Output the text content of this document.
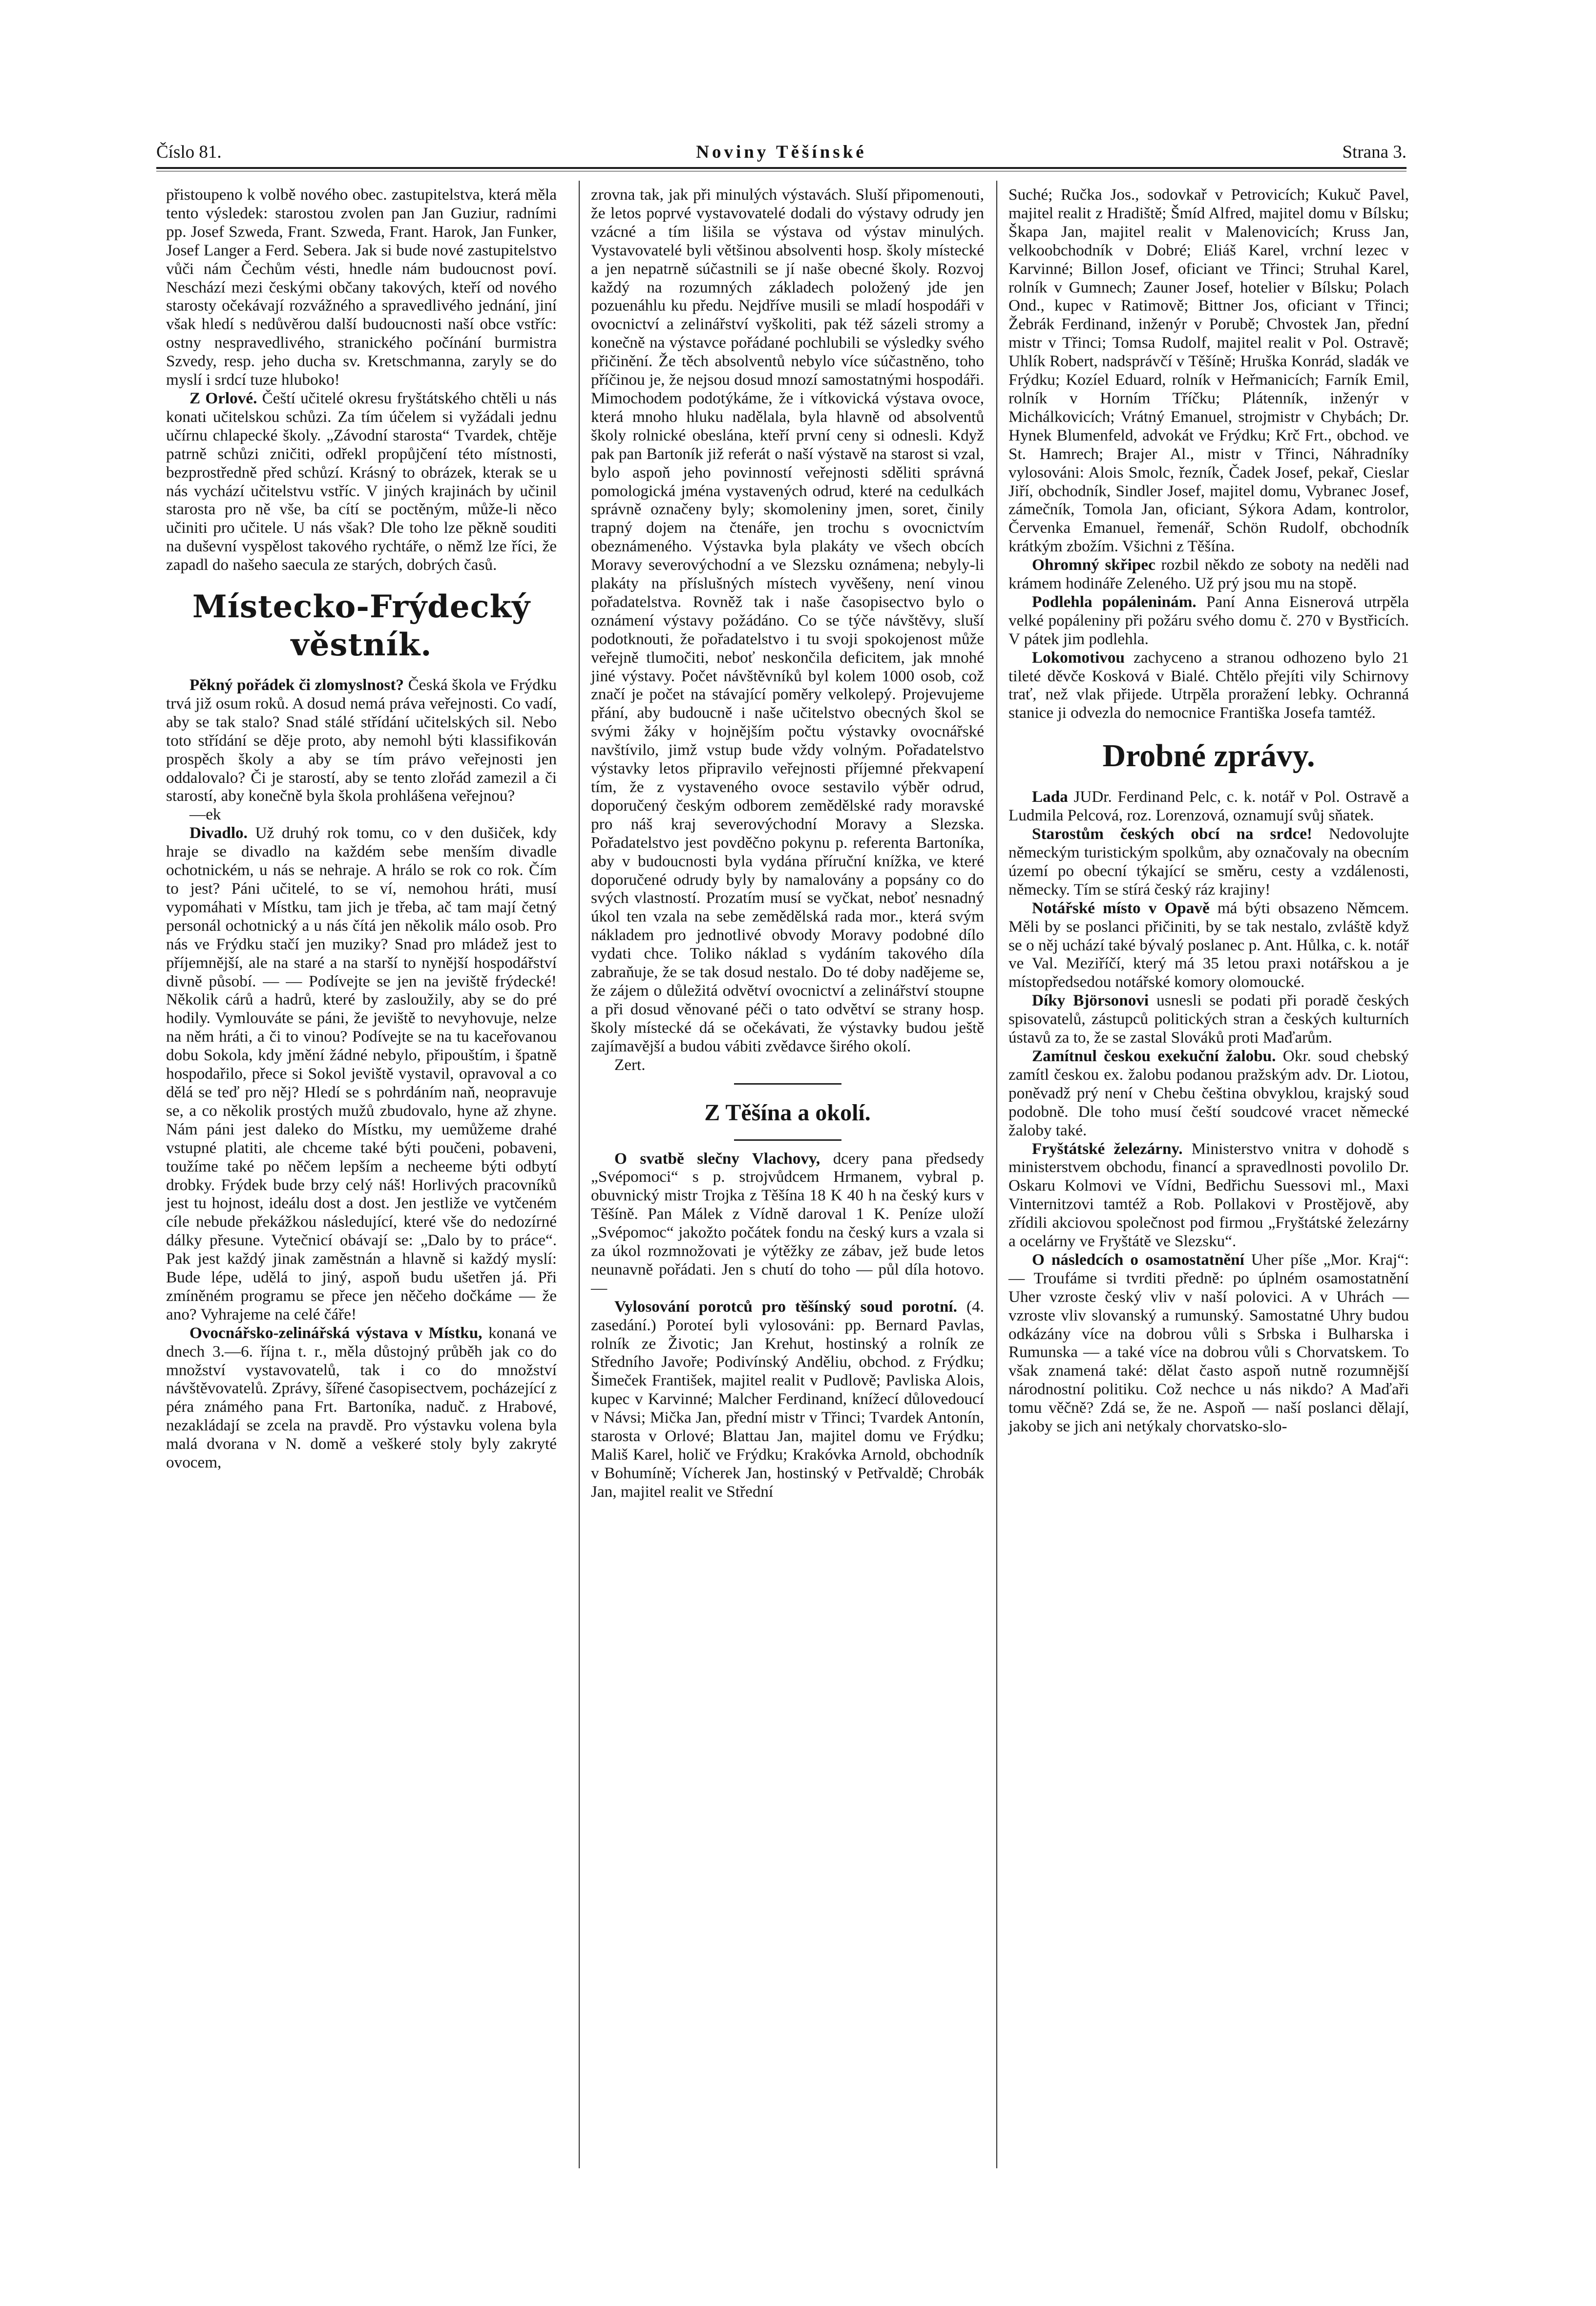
Číslo 81.	Noviny Těšínské	Strana 3.

přistoupeno k volbě nového obec. zastupitelstva, která měla tento výsledek: starostou zvolen pan Jan Guziur, radními pp. Josef Szweda, Frant. Szweda, Frant. Harok, Jan Funker, Josef Langer a Ferd. Sebera. Jak si bude nové zastupitelstvo vůči nám Čechům vésti, hnedle nám budoucnost poví. Neschází mezi českými občany takových, kteří od nového starosty očekávají rozvážného a spravedlivého jednání, jiní však hledí s nedůvěrou další budoucnosti naší obce vstříc: ostny nespravedlivého, stranického počínání burmistra Szvedy, resp. jeho ducha sv. Kretschmanna, zaryly se do myslí i srdcí tuze hluboko!

Z Orlové. Čeští učitelé okresu fryštátského chtěli u nás konati učitelskou schůzi. Za tím účelem si vyžádali jednu učírnu chlapecké školy. „Závodní starosta“ Tvardek, chtěje patrně schůzi zničiti, odřekl propůjčení této místnosti, bezprostředně před schůzí. Krásný to obrázek, kterak se u nás vychází učitelstvu vstříc. V jiných krajinách by učinil starosta pro ně vše, ba cítí se poctěným, může-li něco učiniti pro učitele. U nás však? Dle toho lze pěkně souditi na duševní vyspělost takového rychtáře, o němž lze říci, že zapadl do našeho saecula ze starých, dobrých časů.

Místecko-Frýdecký věstník.

Pěkný pořádek či zlomyslnost? Česká škola ve Frýdku trvá již osum roků. A dosud nemá práva veřejnosti. Co vadí, aby se tak stalo? Snad stálé střídání učitelských sil. Nebo toto střídání se děje proto, aby nemohl býti klassifikován prospěch školy a aby se tím právo veřejnosti jen oddalovalo? Či je starostí, aby se tento zlořád zamezil a či starostí, aby konečně byla škola prohlášena veřejnou?

—ek

Divadlo. Už druhý rok tomu, co v den dušiček, kdy hraje se divadlo na každém sebe menším divadle ochotnickém, u nás se nehraje. A hrálo se rok co rok. Čím to jest? Páni učitelé, to se ví, nemohou hráti, musí vypomáhati v Místku, tam jich je třeba, ač tam mají četný personál ochotnický a u nás čítá jen několik málo osob. Pro nás ve Frýdku stačí jen muziky? Snad pro mládež jest to příjemnější, ale na staré a na starší to nynější hospodářství divně působí. — — Podívejte se jen na jeviště frýdecké! Několik cárů a hadrů, které by zasloužily, aby se do pré hodily. Vymlouváte se páni, že jeviště to nevyhovuje, nelze na něm hráti, a či to vinou? Podívejte se na tu kaceřovanou dobu Sokola, kdy jmění žádné nebylo, připouštím, i špatně hospodařilo, přece si Sokol jeviště vystavil, opravoval a co dělá se teď pro něj? Hledí se s pohrdáním naň, neopravuje se, a co několik prostých mužů zbudovalo, hyne až zhyne. Nám páni jest daleko do Místku, my uemůžeme drahé vstupné platiti, ale chceme také býti poučeni, pobaveni, toužíme také po něčem lepším a necheeme býti odbytí drobky. Frýdek bude brzy celý náš! Horlivých pracovníků jest tu hojnost, ideálu dost a dost. Jen jestliže ve vytčeném cíle nebude překážkou následující, které vše do nedozírné dálky přesune. Vytečnicí obávají se: „Dalo by to práce“. Pak jest každý jinak zaměstnán a hlavně si každý myslí: Bude lépe, udělá to jiný, aspoň budu ušetřen já. Při zmíněném programu se přece jen něčeho dočkáme — že ano? Vyhrajeme na celé čáře!

Ovocnářsko-zelinářská výstava v Místku, konaná ve dnech 3.—6. října t. r., měla důstojný průběh jak co do množství vystavovatelů, tak i co do množství návštěvovatelů. Zprávy, šířené časopisectvem, pocházející z péra známého pana Frt. Bartoníka, naduč. z Hrabové, nezakládají se zcela na pravdě. Pro výstavku volena byla malá dvorana v N. domě a veškeré stoly byly zakryté ovocem,

zrovna tak, jak při minulých výstavách. Sluší připomenouti, že letos poprvé vystavovatelé dodali do výstavy odrudy jen vzácné a tím lišila se výstava od výstav minulých. Vystavovatelé byli většinou absolventi hosp. školy místecké a jen nepatrně súčastnili se jí naše obecné školy. Rozvoj každý na rozumných základech položený jde jen pozuenáhlu ku předu. Nejdříve musili se mladí hospodáři v ovocnictví a zelinářství vyškoliti, pak též sázeli stromy a konečně na výstavce pořádané pochlubili se výsledky svého přičinění. Že těch absolventů nebylo více súčastněno, toho příčinou je, že nejsou dosud mnozí samostatnými hospodáři. Mimochodem podotýkáme, že i vítkovická výstava ovoce, která mnoho hluku nadělala, byla hlavně od absolventů školy rolnické obeslána, kteří první ceny si odnesli. Když pak pan Bartoník již referát o naší výstavě na starost si vzal, bylo aspoň jeho povinností veřejnosti sděliti správná pomologická jména vystavených odrud, které na cedulkách správně označeny byly; skomoleniny jmen, soret, činily trapný dojem na čtenáře, jen trochu s ovocnictvím obeznámeného. Výstavka byla plakáty ve všech obcích Moravy severovýchodní a ve Slezsku oznámena; nebyly-li plakáty na příslušných místech vyvěšeny, není vinou pořadatelstva. Rovněž tak i naše časopisectvo bylo o oznámení výstavy požádáno. Co se týče návštěvy, sluší podotknouti, že pořadatelstvo i tu svoji spokojenost může veřejně tlumočiti, neboť neskončila deficitem, jak mnohé jiné výstavy. Počet návštěvníků byl kolem 1000 osob, což značí je počet na stávající poměry velkolepý. Projevujeme přání, aby budoucně i naše učitelstvo obecných škol se svými žáky v hojnějším počtu výstavky ovocnářské navštívilo, jimž vstup bude vždy volným. Pořadatelstvo výstavky letos připravilo veřejnosti příjemné překvapení tím, že z vystaveného ovoce sestavilo výběr odrud, doporučený českým odborem zemědělské rady moravské pro náš kraj severovýchodní Moravy a Slezska. Pořadatelstvo jest povděčno pokynu p. referenta Bartoníka, aby v budoucnosti byla vydána příruční knížka, ve které doporučené odrudy byly by namalovány a popsány co do svých vlastností. Prozatím musí se vyčkat, neboť nesnadný úkol ten vzala na sebe zemědělská rada mor., která svým nákladem pro jednotlivé obvody Moravy podobné dílo vydati chce. Toliko náklad s vydáním takového díla zabraňuje, že se tak dosud nestalo. Do té doby nadějeme se, že zájem o důležitá odvětví ovocnictví a zelinářství stoupne a při dosud věnované péči o tato odvětví se strany hosp. školy místecké dá se očekávati, že výstavky budou ještě zajímavější a budou vábiti zvědavce širého okolí.

Zert.

Z Těšína a okolí.

O svatbě slečny Vlachovy, dcery pana předsedy „Svépomoci“ s p. strojvůdcem Hrmanem, vybral p. obuvnický mistr Trojka z Těšína 18 K 40 h na český kurs v Těšíně. Pan Málek z Vídně daroval 1 K. Peníze uloží „Svépomoc“ jakožto počátek fondu na český kurs a vzala si za úkol rozmnožovati je výtěžky ze zábav, jež bude letos neunavně pořádati. Jen s chutí do toho — půl díla hotovo. —

Vylosování porotců pro těšínský soud porotní. (4. zasedání.) Poroteí byli vylosováni: pp. Bernard Pavlas, rolník ze Životic; Jan Krehut, hostinský a rolník ze Středního Javoře; Podivínský Anděliu, obchod. z Frýdku; Šimeček František, majitel realit v Pudlově; Pavliska Alois, kupec v Karvinné; Malcher Ferdinand, knížecí důlovedoucí v Návsi; Mička Jan, přední mistr v Třinci; Tvardek Antonín, starosta v Orlové; Blattau Jan, majitel domu ve Frýdku; Mališ Karel, holič ve Frýdku; Krakóvka Arnold, obchodník v Bohumíně; Vícherek Jan, hostinský v Petřvaldě; Chrobák Jan, majitel realit ve Střední

Suché; Ručka Jos., sodovkař v Petrovicích; Kukuč Pavel, majitel realit z Hradiště; Šmíd Alfred, majitel domu v Bílsku; Škapa Jan, majitel realit v Malenovicích; Kruss Jan, velkoobchodník v Dobré; Eliáš Karel, vrchní lezec v Karvinné; Billon Josef, oficiant ve Třinci; Struhal Karel, rolník v Gumnech; Zauner Josef, hotelier v Bílsku; Polach Ond., kupec v Ratimově; Bittner Jos, oficiant v Třinci; Žebrák Ferdinand, inženýr v Porubě; Chvostek Jan, přední mistr v Třinci; Tomsa Rudolf, majitel realit v Pol. Ostravě; Uhlík Robert, nadsprávčí v Těšíně; Hruška Konrád, sladák ve Frýdku; Kozíel Eduard, rolník v Heřmanicích; Farník Emil, rolník v Horním Tříčku; Plátenník, inženýr v Michálkovicích; Vrátný Emanuel, strojmistr v Chybách; Dr. Hynek Blumenfeld, advokát ve Frýdku; Krč Frt., obchod. ve St. Hamrech; Brajer Al., mistr v Třinci, Náhradníky vylosováni: Alois Smolc, řezník, Čadek Josef, pekař, Cieslar Jiří, obchodník, Sindler Josef, majitel domu, Vybranec Josef, zámečník, Tomola Jan, oficiant, Sýkora Adam, kontrolor, Červenka Emanuel, řemenář, Schön Rudolf, obchodník krátkým zbožím. Všichni z Těšína.

Ohromný skřipec rozbil někdo ze soboty na neděli nad krámem hodináře Zeleného. Už prý jsou mu na stopě.

Podlehla popáleninám. Paní Anna Eisnerová utrpěla velké popáleniny při požáru svého domu č. 270 v Bystřicích. V pátek jim podlehla.

Lokomotivou zachyceno a stranou odhozeno bylo 21 tileté děvče Kosková v Bialé. Chtělo přejíti vily Schirnovy trať, než vlak přijede. Utrpěla proražení lebky. Ochranná stanice ji odvezla do nemocnice Františka Josefa tamtéž.

Drobné zprávy.

Lada JUDr. Ferdinand Pelc, c. k. notář v Pol. Ostravě a Ludmila Pelcová, roz. Lorenzová, oznamují svůj sňatek.

Starostům českých obcí na srdce! Nedovolujte německým turistickým spolkům, aby označovaly na obecním území po obecní týkající se směru, cesty a vzdálenosti, německy. Tím se stírá český ráz krajiny!

Notářské místo v Opavě má býti obsazeno Němcem. Měli by se poslanci přičiniti, by se tak nestalo, zvláště když se o něj uchází také bývalý poslanec p. Ant. Hůlka, c. k. notář ve Val. Meziříčí, který má 35 letou praxi notářskou a je místopředsedou notářské komory olomoucké.

Díky Björsonovi usnesli se podati při poradě českých spisovatelů, zástupců politických stran a českých kulturních ústavů za to, že se zastal Slováků proti Maďarům.

Zamítnul českou exekuční žalobu. Okr. soud chebský zamítl českou ex. žalobu podanou pražským adv. Dr. Liotou, poněvadž prý není v Chebu čeština obvyklou, krajský soud podobně. Dle toho musí čeští soudcové vracet německé žaloby také.

Fryštátské železárny. Ministerstvo vnitra v dohodě s ministerstvem obchodu, financí a spravedlnosti povolilo Dr. Oskaru Kolmovi ve Vídni, Bedřichu Suessovi ml., Maxi Vinternitzovi tamtéž a Rob. Pollakovi v Prostějově, aby zřídili akciovou společnost pod firmou „Fryštátské železárny a ocelárny ve Fryštátě ve Slezsku“.

O následcích o osamostatnění Uher píše „Mor. Kraj“: — Troufáme si tvrditi předně: po úplném osamostatnění Uher vzroste český vliv v naší polovici. A v Uhrách — vzroste vliv slovanský a rumunský. Samostatné Uhry budou odkázány více na dobrou vůli s Srbska i Bulharska i Rumunska — a také více na dobrou vůli s Chorvatskem. To však znamená také: dělat často aspoň nutně rozumnější národnostní politiku. Což nechce u nás nikdo? A Maďaři tomu věčně? Zdá se, že ne. Aspoň — naší poslanci dělají, jakoby se jich ani netýkaly chorvatsko-slo-
